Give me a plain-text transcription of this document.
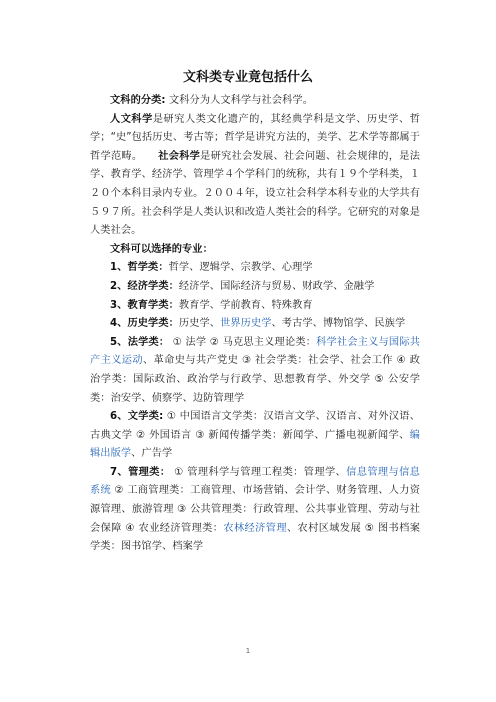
文科类专业竟包括什么

文科的分类: 文科分为人文科学与社会科学。

人文科学是研究人类文化遗产的，其经典学科是文学、历史学、哲学；“史”包括历史、考古等；哲学是讲究方法的，美学、艺术学等都属于哲学范畴。　　社会科学是研究社会发展、社会问题、社会规律的，是法学、教育学、经济学、管理学４个学科门的统称，共有１９个学科类，１２０个本科目录内专业。２００４年，设立社会科学本科专业的大学共有５９７所。社会科学是人类认识和改造人类社会的科学。它研究的对象是人类社会。

文科可以选择的专业：

1、哲学类：哲学、逻辑学、宗教学、心理学

2、经济学类：经济学、国际经济与贸易、财政学、金融学

3、教育学类：教育学、学前教育、特殊教育

4、历史学类：历史学、世界历史学、考古学、博物馆学、民族学

5、法学类： ① 法学 ② 马克思主义理论类：科学社会主义与国际共产主义运动、革命史与共产党史 ③ 社会学类：社会学、社会工作 ④ 政治学类：国际政治、政治学与行政学、思想教育学、外交学 ⑤ 公安学类：治安学、侦察学、边防管理学

6、文学类: ① 中国语言文学类：汉语言文学、汉语言、对外汉语、古典文学 ② 外国语言 ③ 新闻传播学类：新闻学、广播电视新闻学、编辑出版学、广告学

7、管理类： ① 管理科学与管理工程类：管理学、信息管理与信息系统 ② 工商管理类：工商管理、市场营销、会计学、财务管理、人力资源管理、旅游管理 ③ 公共管理类：行政管理、公共事业管理、劳动与社会保障 ④ 农业经济管理类：农林经济管理、农村区域发展 ⑤ 图书档案学类：图书馆学、档案学

1
